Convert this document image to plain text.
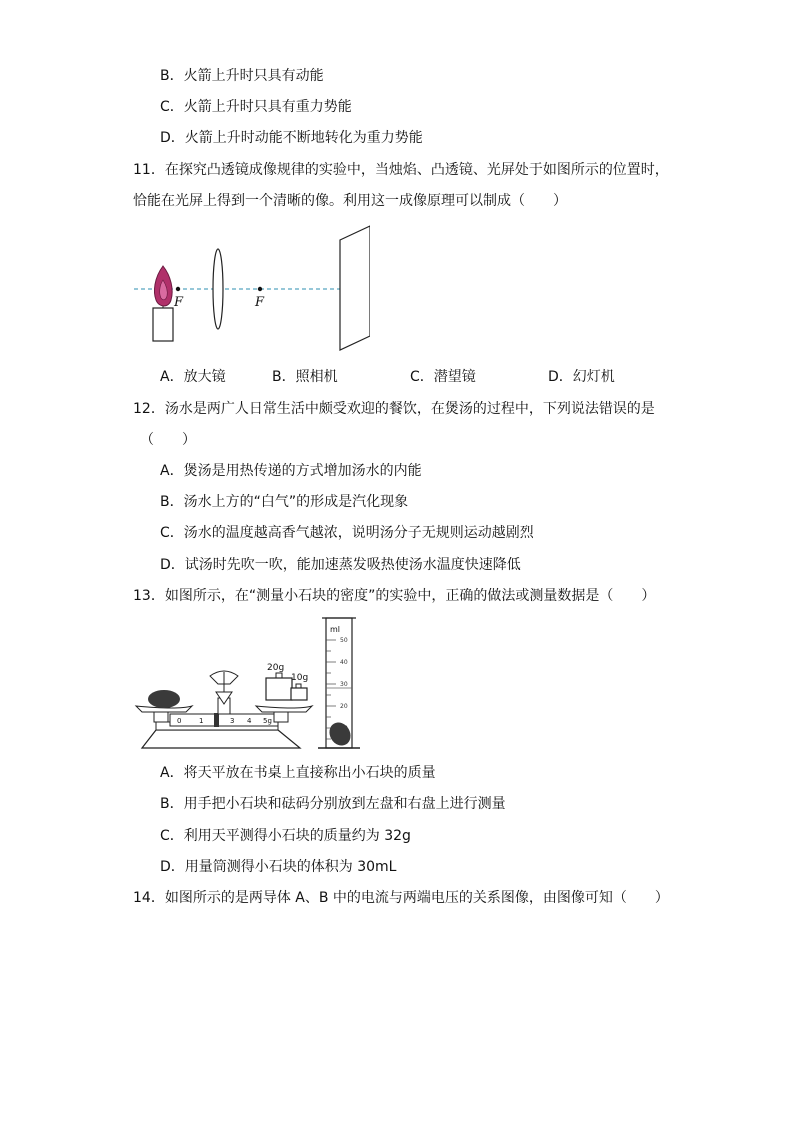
B．火箭上升时只具有动能
C．火箭上升时只具有重力势能
D．火箭上升时动能不断地转化为重力势能
11．在探究凸透镜成像规律的实验中，当烛焰、凸透镜、光屏处于如图所示的位置时，
恰能在光屏上得到一个清晰的像。利用这一成像原理可以制成（　　）
F	F
A．放大镜	B．照相机	C．潜望镜	D．幻灯机
12．汤水是两广人日常生活中颇受欢迎的餐饮，在煲汤的过程中，下列说法错误的是
（　　）
A．煲汤是用热传递的方式增加汤水的内能
B．汤水上方的“白气”的形成是汽化现象
C．汤水的温度越高香气越浓，说明汤分子无规则运动越剧烈
D．试汤时先吹一吹，能加速蒸发吸热使汤水温度快速降低
13．如图所示，在“测量小石块的密度”的实验中，正确的做法或测量数据是（　　）
0	1	3 4 5g
20g
10g
ml
50
40
30
20
A．将天平放在书桌上直接称出小石块的质量
B．用手把小石块和砝码分别放到左盘和右盘上进行测量
C．利用天平测得小石块的质量约为 32g
D．用量筒测得小石块的体积为 30mL
14．如图所示的是两导体 A、B 中的电流与两端电压的关系图像，由图像可知（　　）
